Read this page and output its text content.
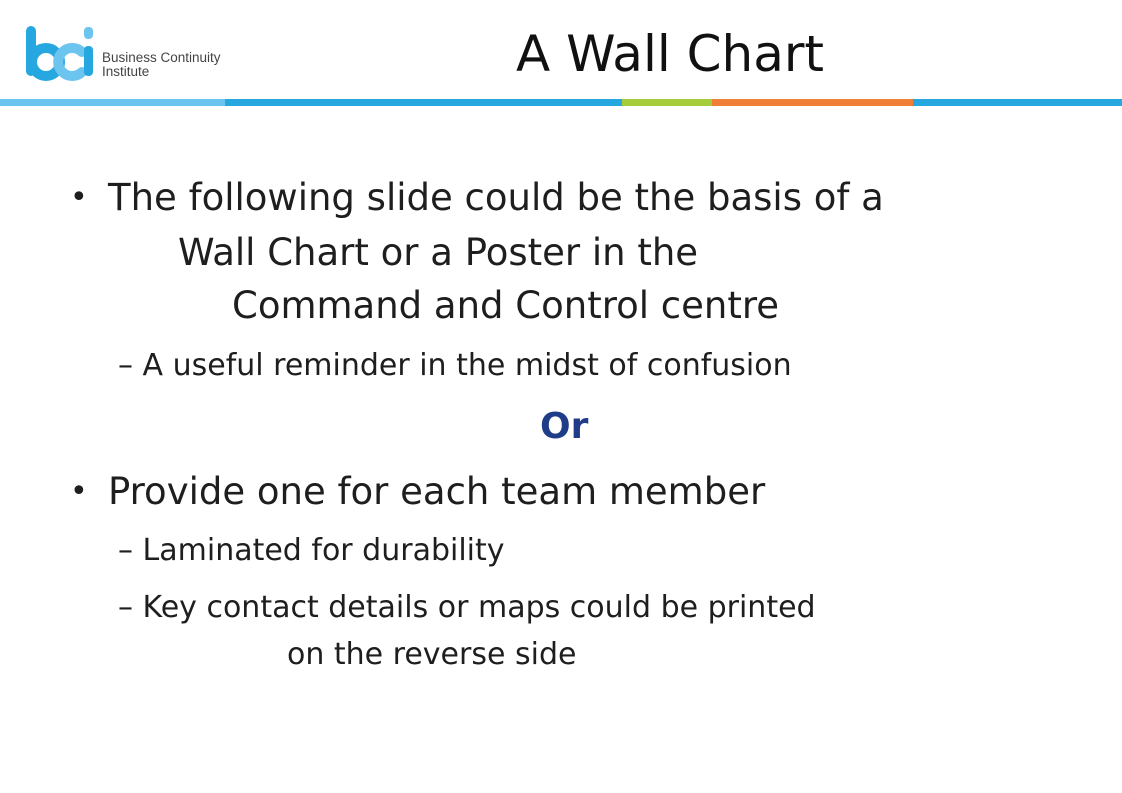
Business Continuity
Institute	A Wall Chart
• The following slide could be the basis of a
Wall Chart or a Poster in the
Command and Control centre
– A useful reminder in the midst of confusion
Or
• Provide one for each team member
– Laminated for durability
– Key contact details or maps could be printed
on the reverse side
